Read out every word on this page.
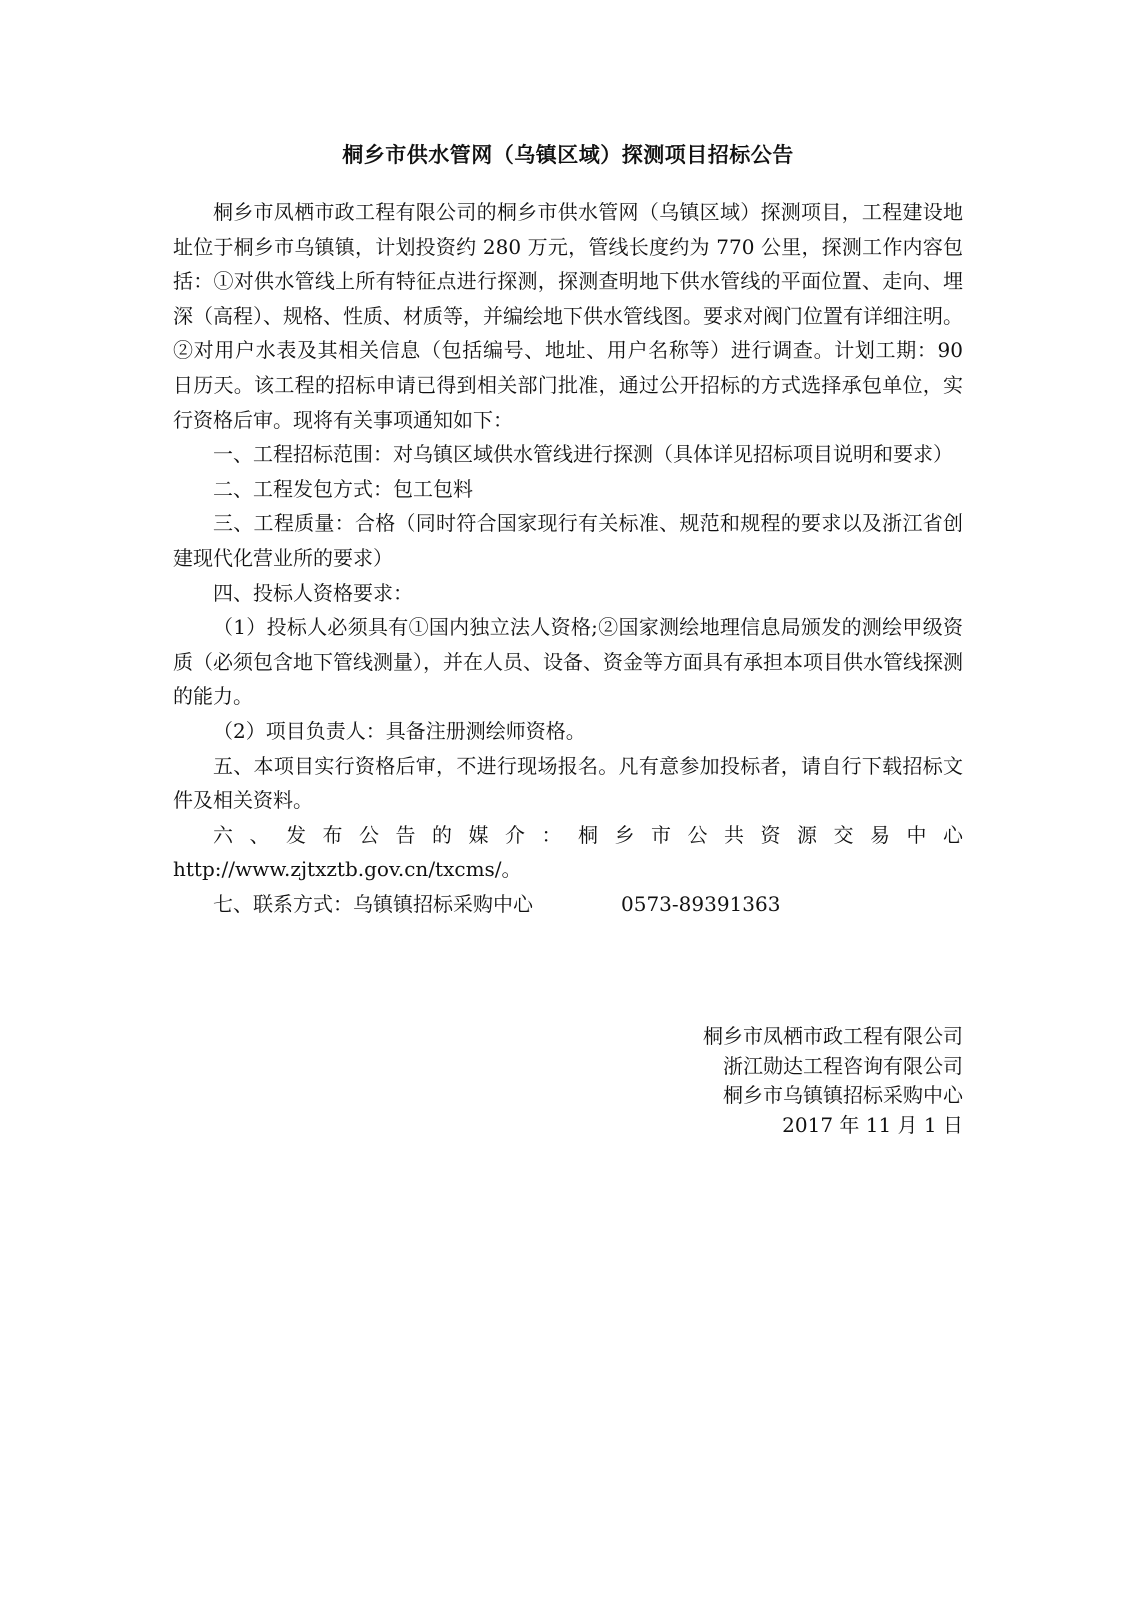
桐乡市供水管网（乌镇区域）探测项目招标公告

桐乡市凤栖市政工程有限公司的桐乡市供水管网（乌镇区域）探测项目，工程建设地址位于桐乡市乌镇镇，计划投资约 280 万元，管线长度约为 770 公里，探测工作内容包括：①对供水管线上所有特征点进行探测，探测查明地下供水管线的平面位置、走向、埋深（高程）、规格、性质、材质等，并编绘地下供水管线图。要求对阀门位置有详细注明。②对用户水表及其相关信息（包括编号、地址、用户名称等）进行调查。计划工期：90 日历天。该工程的招标申请已得到相关部门批准，通过公开招标的方式选择承包单位，实行资格后审。现将有关事项通知如下：

一、工程招标范围：对乌镇区域供水管线进行探测（具体详见招标项目说明和要求）

二、工程发包方式：包工包料

三、工程质量：合格（同时符合国家现行有关标准、规范和规程的要求以及浙江省创建现代化营业所的要求）

四、投标人资格要求：

（1）投标人必须具有①国内独立法人资格;②国家测绘地理信息局颁发的测绘甲级资质（必须包含地下管线测量），并在人员、设备、资金等方面具有承担本项目供水管线探测的能力。

（2）项目负责人：具备注册测绘师资格。

五、本项目实行资格后审，不进行现场报名。凡有意参加投标者，请自行下载招标文件及相关资料。

六、发布公告的媒介：桐乡市公共资源交易中心

http://www.zjtxztb.gov.cn/txcms/。

七、联系方式：乌镇镇招标采购中心	0573-89391363

桐乡市凤栖市政工程有限公司
浙江勋达工程咨询有限公司
桐乡市乌镇镇招标采购中心
2017 年 11 月 1 日
